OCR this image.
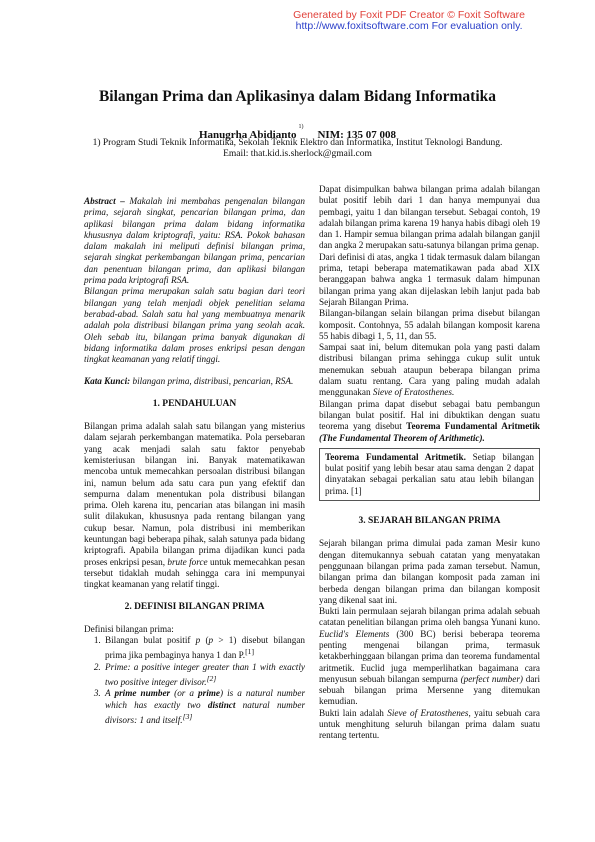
Generated by Foxit PDF Creator © Foxit Software
http://www.foxitsoftware.com For evaluation only.
Bilangan Prima dan Aplikasinya dalam Bidang Informatika
Hanugrha Abidianto$^{1)}$NIM: 135 07 008
1) Program Studi Teknik Informatika, Sekolah Teknik Elektro dan Informatika, Institut Teknologi Bandung.
Email: that.kid.is.sherlock@gmail.com

Abstract – Makalah ini membahas pengenalan bilangan prima, sejarah singkat, pencarian bilangan prima, dan aplikasi bilangan prima dalam bidang informatika khususnya dalam kriptografi, yaitu: RSA. Pokok bahasan dalam makalah ini meliputi definisi bilangan prima, sejarah singkat perkembangan bilangan prima, pencarian dan penentuan bilangan prima, dan aplikasi bilangan prima pada kriptografi RSA.

Bilangan prima merupakan salah satu bagian dari teori bilangan yang telah menjadi objek penelitian selama berabad-abad. Salah satu hal yang membuatnya menarik adalah pola distribusi bilangan prima yang seolah acak. Oleh sebab itu, bilangan prima banyak digunakan di bidang informatika dalam proses enkripsi pesan dengan tingkat keamanan yang relatif tinggi.

Kata Kunci: bilangan prima, distribusi, pencarian, RSA.

1. PENDAHULUAN

Bilangan prima adalah salah satu bilangan yang misterius dalam sejarah perkembangan matematika. Pola persebaran yang acak menjadi salah satu faktor penyebab kemisteriusan bilangan ini. Banyak matematikawan mencoba untuk memecahkan persoalan distribusi bilangan ini, namun belum ada satu cara pun yang efektif dan sempurna dalam menentukan pola distribusi bilangan prima. Oleh karena itu, pencarian atas bilangan ini masih sulit dilakukan, khususnya pada rentang bilangan yang cukup besar. Namun, pola distribusi ini memberikan keuntungan bagi beberapa pihak, salah satunya pada bidang kriptografi. Apabila bilangan prima dijadikan kunci pada proses enkripsi pesan, brute force untuk memecahkan pesan tersebut tidaklah mudah sehingga cara ini mempunyai tingkat keamanan yang relatif tinggi.

2. DEFINISI BILANGAN PRIMA

Definisi bilangan prima:

1. Bilangan bulat positif p (p > 1) disebut bilangan prima jika pembaginya hanya 1 dan P.[1]
2. Prime: a positive integer greater than 1 with exactly two positive integer divisor.[2]
3. A prime number (or a prime) is a natural number which has exactly two distinct natural number divisors: 1 and itself.[3]

Dapat disimpulkan bahwa bilangan prima adalah bilangan bulat positif lebih dari 1 dan hanya mempunyai dua pembagi, yaitu 1 dan bilangan tersebut. Sebagai contoh, 19 adalah bilangan prima karena 19 hanya habis dibagi oleh 19 dan 1. Hampir semua bilangan prima adalah bilangan ganjil dan angka 2 merupakan satu-satunya bilangan prima genap.

Dari definisi di atas, angka 1 tidak termasuk dalam bilangan prima, tetapi beberapa matematikawan pada abad XIX beranggapan bahwa angka 1 termasuk dalam himpunan bilangan prima yang akan dijelaskan lebih lanjut pada bab Sejarah Bilangan Prima.

Bilangan-bilangan selain bilangan prima disebut bilangan komposit. Contohnya, 55 adalah bilangan komposit karena 55 habis dibagi 1, 5, 11, dan 55.

Sampai saat ini, belum ditemukan pola yang pasti dalam distribusi bilangan prima sehingga cukup sulit untuk menemukan sebuah ataupun beberapa bilangan prima dalam suatu rentang. Cara yang paling mudah adalah menggunakan Sieve of Eratosthenes.

Bilangan prima dapat disebut sebagai batu pembangun bilangan bulat positif. Hal ini dibuktikan dengan suatu teorema yang disebut Teorema Fundamental Aritmetik (The Fundamental Theorem of Arithmetic).

Teorema Fundamental Aritmetik. Setiap bilangan bulat positif yang lebih besar atau sama dengan 2 dapat dinyatakan sebagai perkalian satu atau lebih bilangan prima. [1]

3. SEJARAH BILANGAN PRIMA

Sejarah bilangan prima dimulai pada zaman Mesir kuno dengan ditemukannya sebuah catatan yang menyatakan penggunaan bilangan prima pada zaman tersebut. Namun, bilangan prima dan bilangan komposit pada zaman ini berbeda dengan bilangan prima dan bilangan komposit yang dikenal saat ini.

Bukti lain permulaan sejarah bilangan prima adalah sebuah catatan penelitian bilangan prima oleh bangsa Yunani kuno. Euclid's Elements (300 BC) berisi beberapa teorema penting mengenai bilangan prima, termasuk ketakberhinggaan bilangan prima dan teorema fundamental aritmetik. Euclid juga memperlihatkan bagaimana cara menyusun sebuah bilangan sempurna (perfect number) dari sebuah bilangan prima Mersenne yang ditemukan kemudian.

Bukti lain adalah Sieve of Eratosthenes, yaitu sebuah cara untuk menghitung seluruh bilangan prima dalam suatu rentang tertentu.
